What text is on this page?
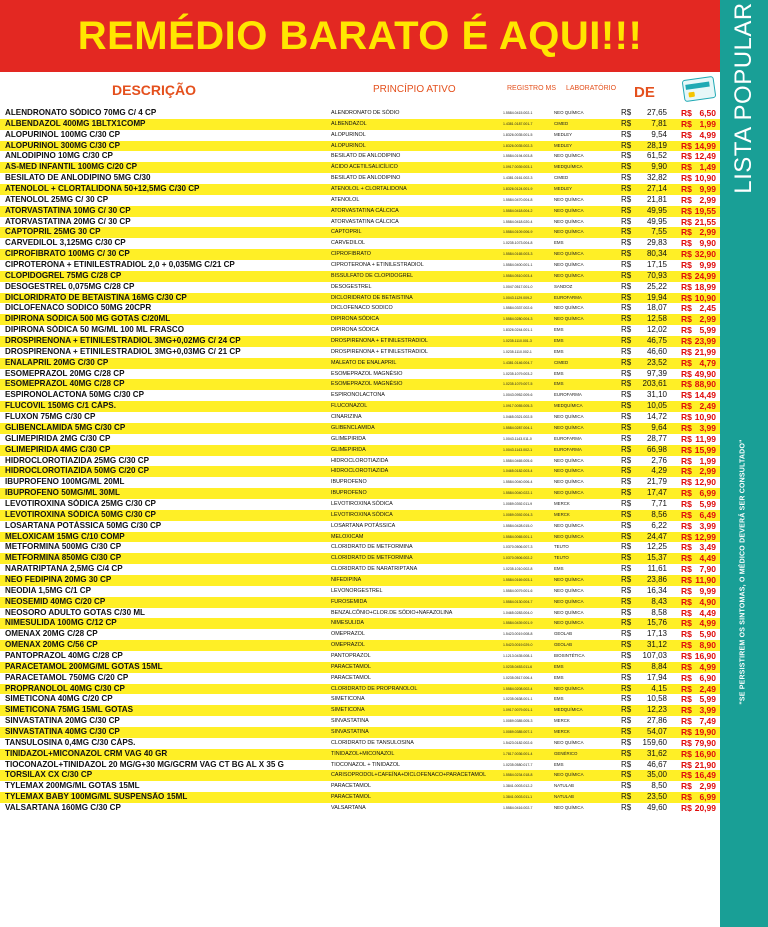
REMÉDIO BARATO É AQUI!!!	LISTA POPULAR
"SE PERSISTIREM OS SINTOMAS, O MÉDICO DEVERÁ SER CONSULTADO"
DESCRIÇÃO	PRINCÍPIO ATIVO	REGISTRO MS LABORATÓRIO DE
ALENDRONATO SÓDICO 70MG C/ 4 CP	ALENDRONATO DE SÓDIO	1.5584.0415.002-1	NEO QUÍMICA	R$	27,65 R$ 6,50
ALBENDAZOL 400MG 1BLTX1COMP	ALBENDAZOL	1.4381.0187.001-7	CIMED	R$	7,81 R$ 1,99
ALOPURINOL 100MG C/30 CP	ALOPURINOL	1.8326.0035.001-5	MEDLEY	R$	9,54 R$ 4,99
ALOPURINOL 300MG C/30 CP	ALOPURINOL	1.8326.0035.002-3	MEDLEY	R$	28,19 R$ 14,99
ANLODIPINO 10MG C/30 CP	BESILATO DE ANLODIPINO	1.5584.0194.003-8	NEO QUÍMICA	R$	61,52 R$ 12,49
AS-MED INFANTIL 100MG C/20 CP	ÁCIDO ACETILSALICÍLICO	1.0917.0039.003-1	MEDQUÍMICA	R$	9,90 R$ 1,49
BESILATO DE ANLODIPINO 5MG C/30	BESILATO DE ANLODIPINO	1.4381.0161.002-3	CIMED	R$	32,82 R$ 10,90
ATENOLOL + CLORTALIDONA 50+12,5MG C/30 CP	ATENOLOL + CLORTALIDONA	1.8326.0124.001-9	MEDLEY	R$	27,14 R$ 9,99
ATENOLOL 25MG C/ 30 CP	ATENOLOL	1.5584.0470.004-8	NEO QUÍMICA	R$	21,81 R$ 2,99
ATORVASTATINA 10MG C/ 30 CP	ATORVASTATINA CÁLCICA	1.5584.0418.004-2	NEO QUÍMICA	R$	49,95 R$ 19,55
ATORVASTATINA 20MG C/ 30 CP	ATORVASTATINA CÁLCICA	1.5584.0418.020-4	NEO QUÍMICA	R$	49,95 R$ 21,55
CAPTOPRIL 25MG 30 CP	CAPTOPRIL	1.5584.0109.006-9	NEO QUÍMICA	R$	7,55 R$ 2,99
CARVEDILOL 3,125MG C/30 CP	CARVEDILOL	1.0235.1073.004-8	EMS	R$	29,83 R$ 9,90
CIPROFIBRATO 100MG C/ 30 CP	CIPROFIBRATO	1.5584.0165.003-3	NEO QUÍMICA	R$	80,34 R$ 32,90
CIPROTERONA + ETINILESTRADIOL 2,0 + 0,035MG C/21 CP	CIPROTERONA + ETINILESTRADIOL	1.5584.0400.001-1	NEO QUÍMICA	R$	17,15 R$ 9,99
CLOPIDOGREL 75MG C/28 CP	BISSULFATO DE CLOPIDOGREL	1.5584.0510.003-4	NEO QUÍMICA	R$	70,93 R$ 24,99
DESOGESTREL 0,075MG C/28 CP	DESOGESTREL	1.0047.0517.001-0	SANDOZ	R$	25,22 R$ 18,99
DICLORIDRATO DE BETAISTINA 16MG C/30 CP	DICLORIDRATO DE BETAISTINA	1.0043.1129.009-2	EUROFARMA	R$	19,94 R$ 10,90
DICLOFENACO SODICO 50MG 20CPR	DICLOFENACO SODICO	1.5584.0337.002-6	NEO QUÍMICA	R$	18,07 R$ 2,45
DIPIRONA SÓDICA 500 MG GOTAS C/20ML	DIPIRONA SÓDICA	1.5584.0280.004-3	NEO QUÍMICA	R$	12,58 R$ 2,99
DIPIRONA SÓDICA 50 MG/ML 100 ML FRASCO	DIPIRONA SÓDICA	1.8326.0244.001-1	EMS	R$	12,02 R$ 5,99
DROSPIRENONA + ETINILESTRADIOL 3MG+0,02MG C/ 24 CP	DROSPIRENONA + ETINILESTRADIOL	1.0235.1110.001-3	EMS	R$	46,75 R$ 23,99
DROSPIRENONA + ETINILESTRADIOL 3MG+0,03MG C/ 21 CP	DROSPIRENONA + ETINILESTRADIOL	1.0235.1110.002-1	EMS	R$	46,60 R$ 21,99
ENALAPRIL 20MG C/30 CP	MALEATO DE ENALAPRIL	1.4381.0146.004-7	CIMED	R$	23,52 R$ 4,79
ESOMEPRAZOL 20MG C/28 CP	ESOMEPRAZOL MAGNÉSIO	1.0235.1079.003-2	EMS	R$	97,39 R$ 49,90
ESOMEPRAZOL 40MG C/28 CP	ESOMEPRAZOL MAGNÉSIO	1.0235.1079.007-5	EMS	R$	203,61 R$ 88,90
ESPIRONOLACTONA 50MG C/30 CP	ESPIRONOLACTONA	1.0043.0952.009-6	EUROFARMA	R$	31,10 R$ 14,49
FLUCOVIL 150MG C/1 CÁPS.	FLUCONAZOL	1.0917.0055.005-3	MEDQUÍMICA	R$	10,05 R$ 2,49
FLUXON 75MG C/30 CP	CINARIZINA	1.0465.0321.002-5	NEO QUÍMICA	R$	14,72 R$ 10,90
GLIBENCLAMIDA 5MG C/30 CP	GLIBENCLAMIDA	1.5584.0287.004-1	NEO QUÍMICA	R$	9,64 R$ 3,99
GLIMEPIRIDA 2MG C/30 CP	GLIMEPIRIDA	1.0043.1143.011-0	EUROFARMA	R$	28,77 R$ 11,99
GLIMEPIRIDA 4MG C/30 CP	GLIMEPIRIDA	1.0043.1143.002-1	EUROFARMA	R$	66,98 R$ 15,99
HIDROCLOROTIAZIDA 25MG C/30 CP	HIDROCLOROTIAZIDA	1.5584.0465.005-6	NEO QUÍMICA	R$	2,76 R$ 1,99
HIDROCLOROTIAZIDA 50MG C/20 CP	HIDROCLOROTIAZIDA	1.0465.0182.003-4	NEO QUÍMICA	R$	4,29 R$ 2,99
IBUPROFENO 100MG/ML 20ML	IBUPROFENO	1.5584.0040.006-4	NEO QUÍMICA	R$	21,79 R$ 12,90
IBUPROFENO 50MG/ML 30ML	IBUPROFENO	1.5584.0040.022-1	NEO QUÍMICA	R$	17,47 R$ 6,99
LEVOTIROXINA SÓDICA 25MG C/30 CP	LEVOTIROXINA SÓDICA	1.0089.0392.011-9	MERCK	R$	7,71 R$ 5,99
LEVOTIROXINA SÓDICA 50MG C/30 CP	LEVOTIROXINA SÓDICA	1.0089.0392.004-3	MERCK	R$	8,56 R$ 6,49
LOSARTANA POTÁSSICA 50MG C/30 CP	LOSARTANA POTÁSSICA	1.5584.0428.015-0	NEO QUÍMICA	R$	6,22 R$ 3,99
MELOXICAM 15MG C/10 COMP	MELOXICAM	1.5584.0065.001-1	NEO QUÍMICA	R$	24,47 R$ 12,99
METFORMINA 500MG C/30 CP	CLORIDRATO DE METFORMINA	1.0370.0506.007-3	TEUTO	R$	12,25 R$ 3,49
METFORMINA 850MG C/30 CP	CLORIDRATO DE METFORMINA	1.0370.0506.002-2	TEUTO	R$	15,37 R$ 4,49
NARATRIPTANA 2,5MG C/4 CP	CLORIDRATO DE NARATRIPTANA	1.0235.1010.002-8	EMS	R$	11,61 R$ 7,90
NEO FEDIPINA 20MG 30 CP	NIFEDIPINA	1.5584.0169.003-1	NEO QUÍMICA	R$	23,86 R$ 11,90
NEODIA 1,5MG C/1 CP	LEVONORGESTREL	1.5584.0079.001-6	NEO QUÍMICA	R$	16,34 R$ 9,99
NEOSEMID 40MG C/20 CP	FUROSEMIDA	1.5584.0130.004-7	NEO QUÍMICA	R$	8,43 R$ 4,90
NEOSORO ADULTO GOTAS C/30 ML	BENZALCÔNIO+CLOR.DE SÓDIO+NAFAZOLINA	1.0465.0283.004-0	NEO QUÍMICA	R$	8,58 R$ 4,49
NIMESULIDA 100MG C/12 CP	NIMESULIDA	1.5584.0439.001-9	NEO QUÍMICA	R$	15,76 R$ 4,99
OMENAX 20MG C/28 CP	OMEPRAZOL	1.5423.0019.008-8	GEOLAB	R$	17,13 R$ 5,90
OMENAX 20MG C/56 CP	OMEPRAZOL	1.5423.0019.029-0	GEOLAB	R$	31,12 R$ 8,90
PANTOPRAZOL 40MG C/28 CP	PANTOPRAZOL	1.1213.0435.008-1	BIOSINTÉTICA	R$	107,03 R$ 16,90
PARACETAMOL 200MG/ML GOTAS 15ML	PARACETAMOL	1.0235.0453.011-6	EMS	R$	8,84 R$ 4,99
PARACETAMOL 750MG C/20 CP	PARACETAMOL	1.0235.0517.006-4	EMS	R$	17,94 R$ 6,90
PROPRANOLOL 40MG C/30 CP	CLORIDRATO DE PROPRANOLOL	1.5584.0208.002-4	NEO QUÍMICA	R$	4,15 R$ 2,49
SIMETICONA 40MG C/20 CP	SIMETICONA	1.0235.0638.001-1	EMS	R$	10,58 R$ 5,99
SIMETICONA 75MG 15ML GOTAS	SIMETICONA	1.0917.0079.001-1	MEDQUÍMICA	R$	12,23 R$ 3,99
SINVASTATINA 20MG C/30 CP	SINVASTATINA	1.0089.0385.005-3	MERCK	R$	27,86 R$ 7,49
SINVASTATINA 40MG C/30 CP	SINVASTATINA	1.0089.0385.007-1	MERCK	R$	54,07 R$ 19,90
TANSULOSINA 0,4MG C/30 CÁPS.	CLORIDRATO DE TANSULOSINA	1.5423.0182.002-6	NEO QUÍMICA	R$	159,60 R$ 79,90
TINIDAZOL+MICONAZOL CRM VAG 40 GR	TINIDAZOL+MICONAZOL	1.7817.0036.001-4	GENÉRICO	R$	31,62 R$ 16,90
TIOCONAZOL+TINIDAZOL 20 MG/G+30 MG/GCRM VAG CT BG AL X 35 G	TIOCONAZOL + TINIDAZOL	1.0235.0580.017-7	EMS	R$	46,67 R$ 21,90
TORSILAX CX C/30 CP	CARISOPRODOL+CAFEÍNA+DICLOFENACO+PARACETAMOL	1.5584.0234.018-8	NEO QUÍMICA	R$	35,00 R$ 16,49
TYLEMAX 200MG/ML GOTAS 15ML	PARACETAMOL	1.3841.0003.012-2	NATULAB	R$	8,50 R$ 2,99
TYLEMAX BABY 100MG/ML SUSPENSÃO 15ML	PARACETAMOL	1.3841.0003.011-1	NATULAB	R$	23,50 R$ 6,99
VALSARTANA 160MG C/30 CP	VALSARTANA	1.5584.0416.002-7	NEO QUÍMICA	R$	49,60 R$ 20,99
